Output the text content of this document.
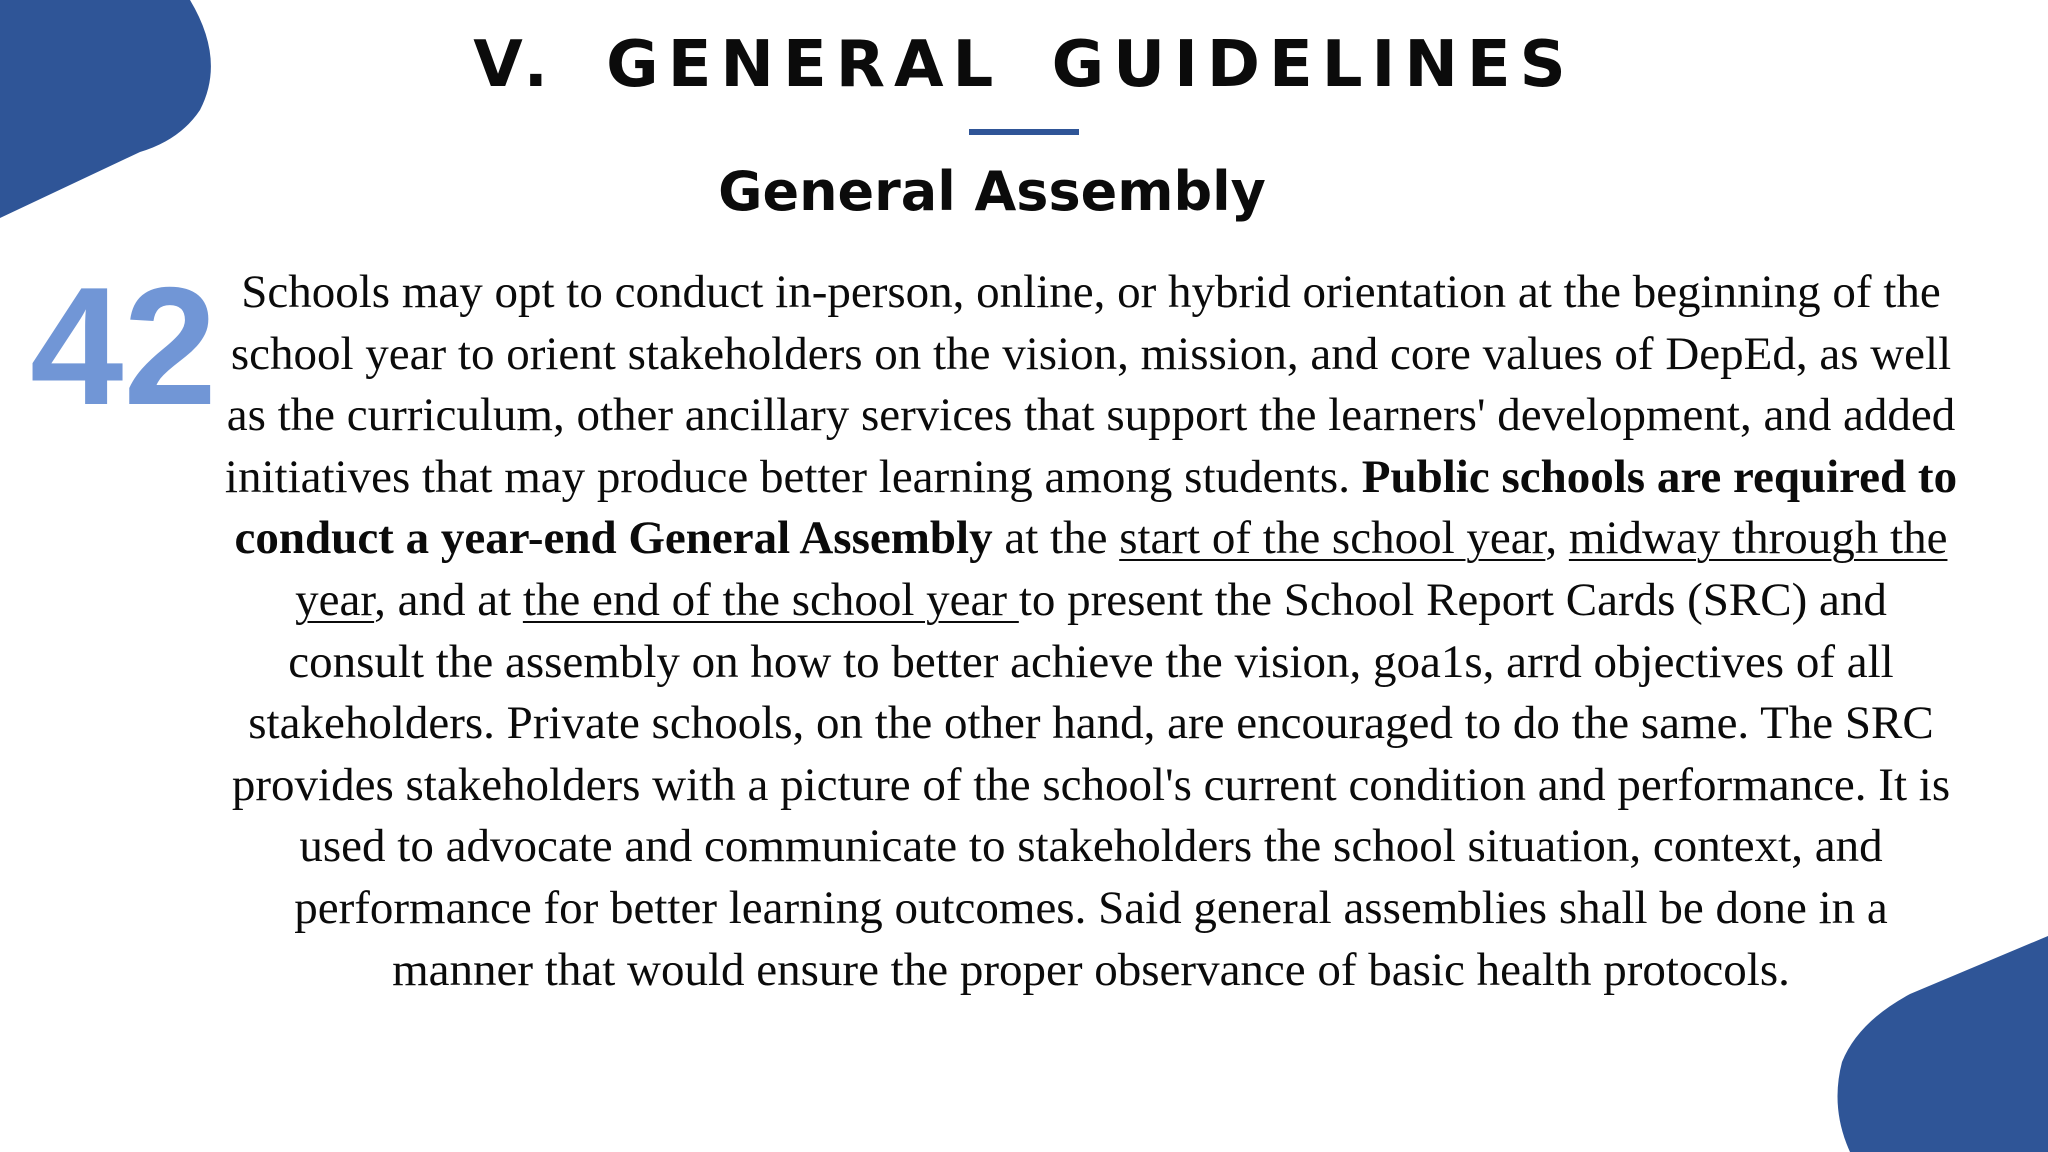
V. GENERAL GUIDELINES
General Assembly
42 Schools may opt to conduct in-person, online, or hybrid orientation at the beginning of the school year to orient stakeholders on the vision, mission, and core values of DepEd, as well as the curriculum, other ancillary services that support the learners' development, and added initiatives that may produce better learning among students. Public schools are required to conduct a year-end General Assembly at the start of the school year, midway through the year, and at the end of the school year to present the School Report Cards (SRC) and consult the assembly on how to better achieve the vision, goa1s, arrd objectives of all stakeholders. Private schools, on the other hand, are encouraged to do the same. The SRC provides stakeholders with a picture of the school's current condition and performance. It is used to advocate and communicate to stakeholders the school situation, context, and performance for better learning outcomes. Said general assemblies shall be done in a manner that would ensure the proper observance of basic health protocols.
